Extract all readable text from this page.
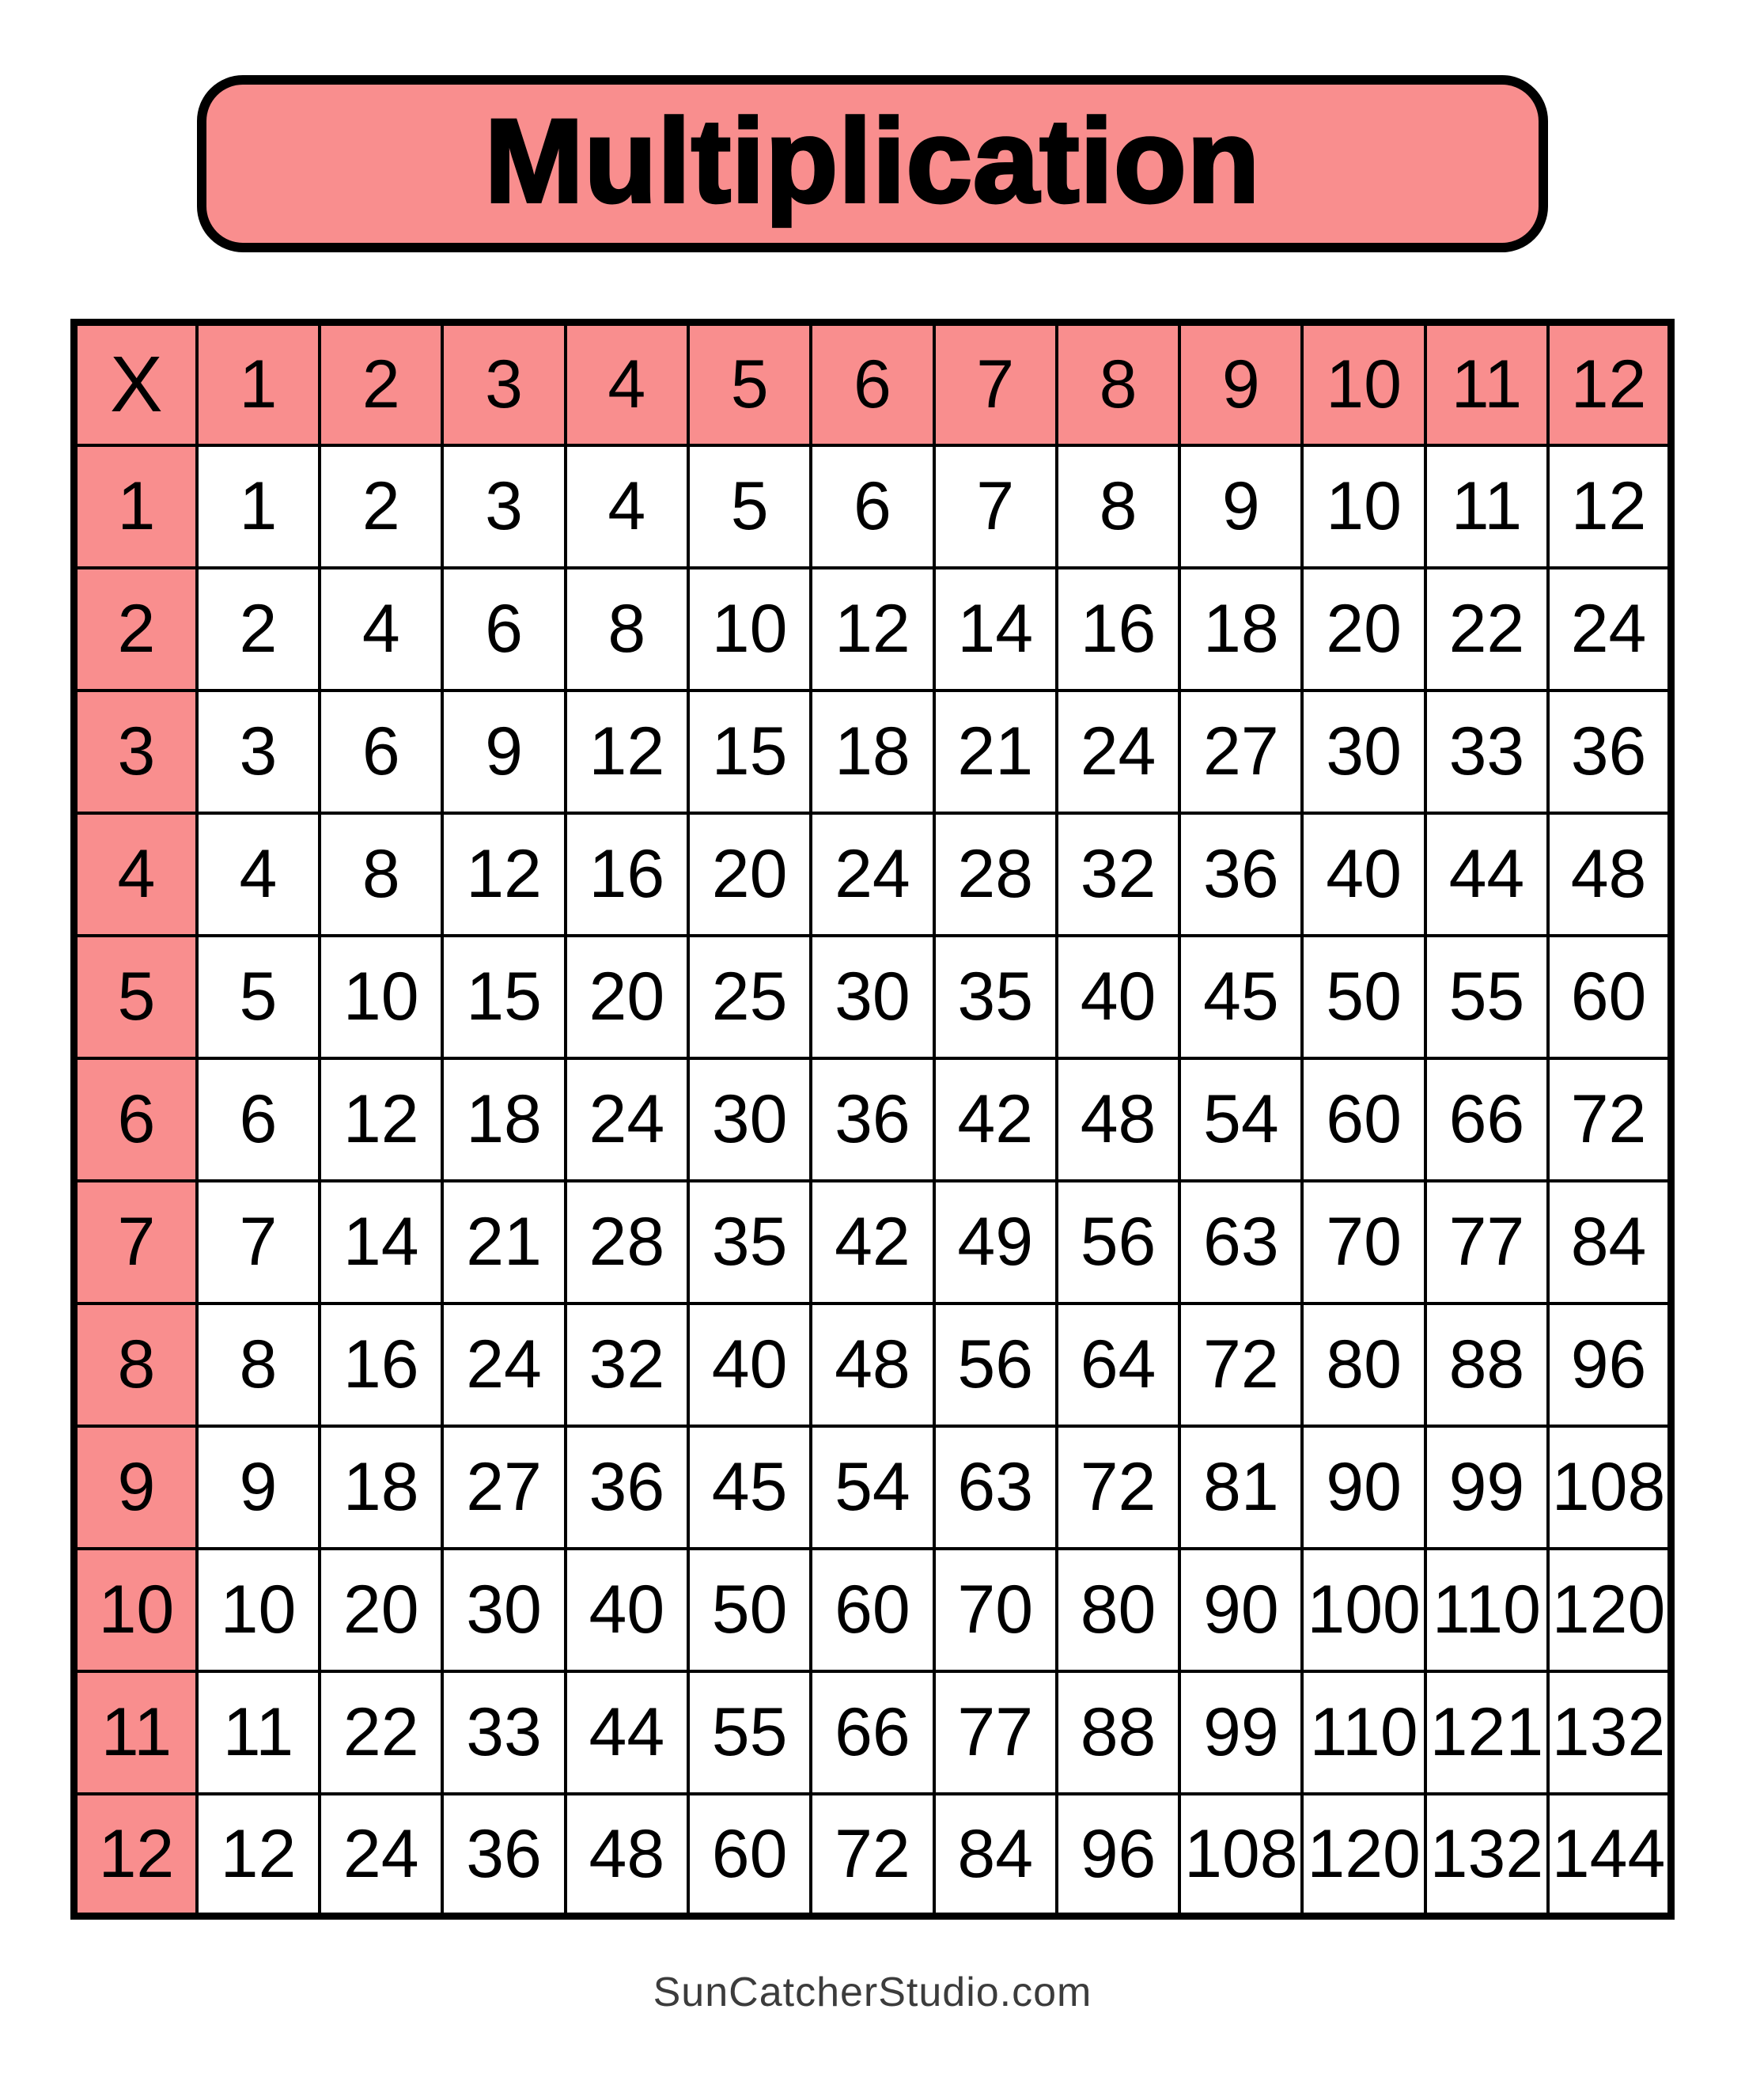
Multiplication
X	1	2	3	4	5	6	7	8	9	10	11	12
1	1	2	3	4	5	6	7	8	9	10	11	12
2	2	4	6	8	10	12	14	16	18	20	22	24
3	3	6	9	12	15	18	21	24	27	30	33	36
4	4	8	12	16	20	24	28	32	36	40	44	48
5	5	10	15	20	25	30	35	40	45	50	55	60
6	6	12	18	24	30	36	42	48	54	60	66	72
7	7	14	21	28	35	42	49	56	63	70	77	84
8	8	16	24	32	40	48	56	64	72	80	88	96
9	9	18	27	36	45	54	63	72	81	90	99	108
10	10	20	30	40	50	60	70	80	90	100	110	120
11	11	22	33	44	55	66	77	88	99	110	121	132
12	12	24	36	48	60	72	84	96	108	120	132	144
SunCatcherStudio.com
